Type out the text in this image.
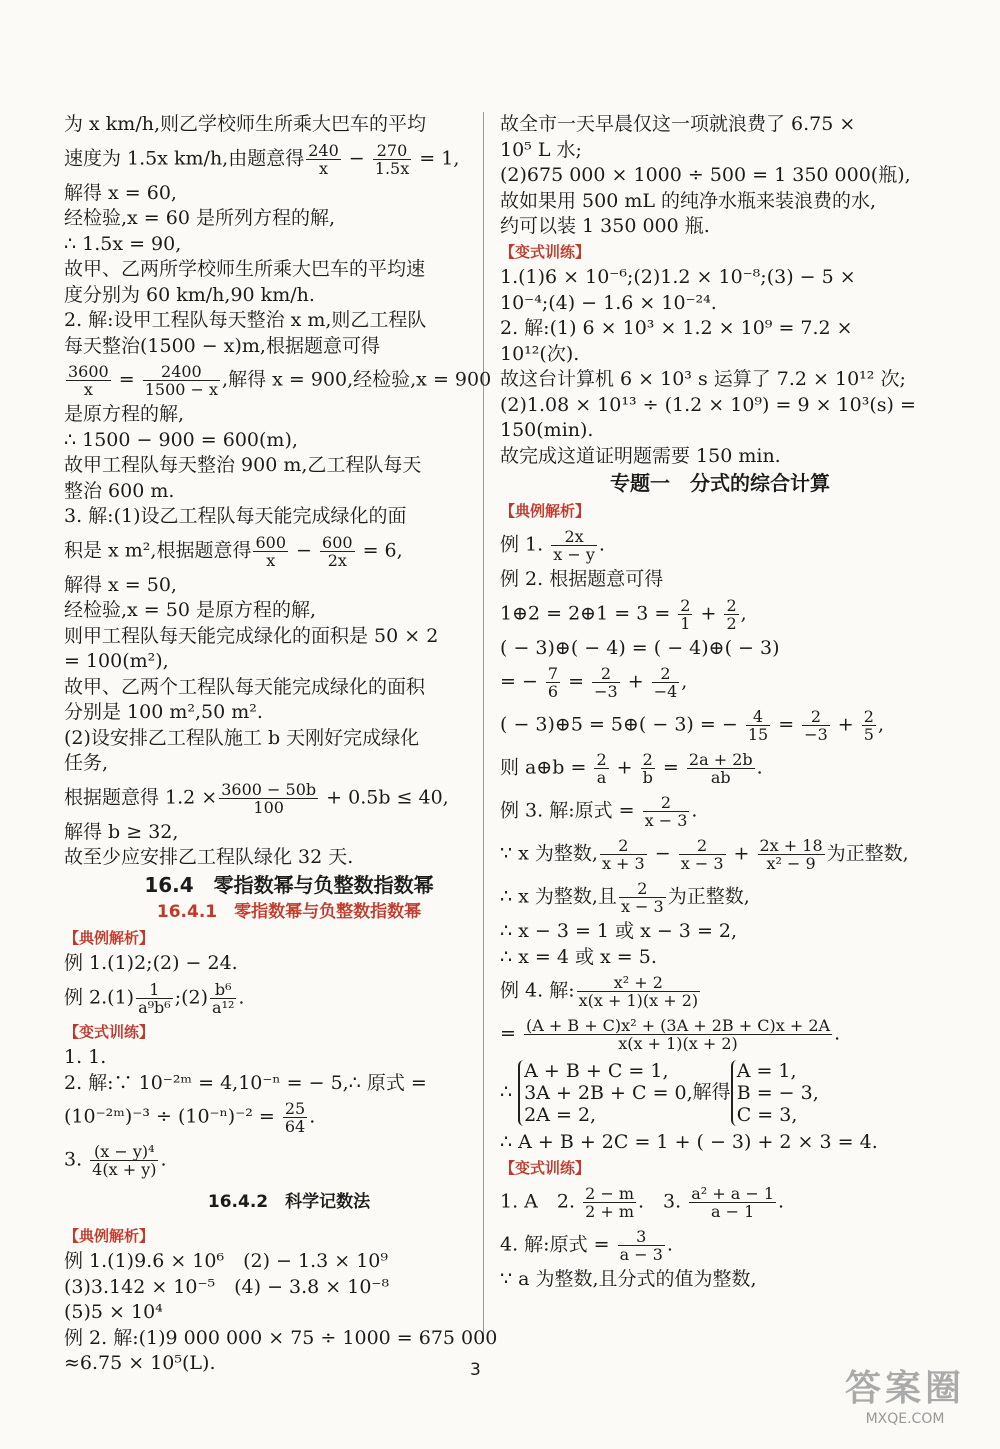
为 x km/h,则乙学校师生所乘大巴车的平均
速度为 1.5x km/h,由题意得 $\frac{240}{x} - \frac{270}{1.5x} = 1$,
解得 x = 60,
经检验,x = 60 是所列方程的解,
∴ 1.5x = 90,
故甲、乙两所学校师生所乘大巴车的平均速
度分别为 60 km/h,90 km/h.
2. 解:设甲工程队每天整治 x m,则乙工程队
每天整治(1500 − x)m,根据题意可得
$\frac{3600}{x} = \frac{2400}{1500 - x}$ ,解得 x = 900,经检验,x = 900
是原方程的解,
∴ 1500 − 900 = 600(m),
故甲工程队每天整治 900 m,乙工程队每天
整治 600 m.
3. 解:(1)设乙工程队每天能完成绿化的面
积是 x m²,根据题意得 $\frac{600}{x} - \frac{600}{2x} = 6$,
解得 x = 50,
经检验,x = 50 是原方程的解,
则甲工程队每天能完成绿化的面积是 50 × 2
= 100(m²),
故甲、乙两个工程队每天能完成绿化的面积
分别是 100 m²,50 m².
(2)设安排乙工程队施工 b 天刚好完成绿化
任务,
根据题意得 $1.2 \times \frac{3600 - 50b}{100} + 0.5b \le 40$,
解得 b ≥ 32,
故至少应安排乙工程队绿化 32 天.
16.4　零指数幂与负整数指数幂
16.4.1　零指数幂与负整数指数幂
【典例解析】
例 1.(1)2;(2) − 24.
例 $2.(1) \frac{1}{\text{a⁹b⁶}}$ ;(2) $\frac{\text{b⁶}}{\text{a¹²}}$ .
【变式训练】
1. 1.
2. 解:∵ 10⁻²ᵐ = 4,10⁻ⁿ = − 5,∴ 原式 =
(10⁻²ᵐ)⁻³ ÷ $(10^{-n})^{-2} = \frac{25}{64}$ .
3. $\frac{\text{(x − y)⁴}}{4(x + y)}$ .
16.4.2　科学记数法
【典例解析】
例 1.(1)9.6 × 10⁶　(2) − 1.3 × 10⁹
(3)3.142 × 10⁻⁵　(4) − 3.8 × 10⁻⁸
(5)5 × 10⁴
例 2. 解:(1)9 000 000 × 75 ÷ 1000 = 675 000
≈6.75 × 10⁵(L).
故全市一天早晨仅这一项就浪费了 6.75 ×
10⁵ L 水;
(2)675 000 × 1000 ÷ 500 = 1 350 000(瓶),
故如果用 500 mL 的纯净水瓶来装浪费的水,
约可以装 1 350 000 瓶.
【变式训练】
1.(1)6 × 10⁻⁶;(2)1.2 × 10⁻⁸;(3) − 5 ×
10⁻⁴;(4) − 1.6 × 10⁻²⁴.
2. 解:(1) 6 × 10³ × 1.2 × 10⁹ = 7.2 ×
10¹²(次).
故这台计算机 6 × 10³ s 运算了 7.2 × 10¹² 次;
(2)1.08 × 10¹³ ÷ (1.2 × 10⁹) = 9 × 10³(s) =
150(min).
故完成这道证明题需要 150 min.
专题一　分式的综合计算
【典例解析】
例 1. $\frac{2x}{x - y}$ .
例 2. 根据题意可得
1⊕2 = 2⊕1 = $3 = \frac{2}{1} + \frac{2}{2}$ ,
( − 3)⊕( − 4) = ( − 4)⊕( − 3)
= − $\frac{7}{6} = \frac{2}{-3} + \frac{2}{-4}$ ,
( − 3)⊕5 = 5⊕( − 3) = − $\frac{4}{15} = \frac{2}{-3} + \frac{2}{5}$ ,
则 a⊕b = $\frac{2}{a} + \frac{2}{b} = \frac{2a + 2b}{ab}$ .
例 3. 解:原式 = $\frac{2}{x - 3}$ .
∵ x 为整数, $\frac{2}{x + 3} - \frac{2}{x - 3} + \frac{2x + 18}{\text{x² − 9}}$ 为正整数,
∴ x 为整数,且 $\frac{2}{x - 3}$ 为正整数,
∴ x − 3 = 1 或 x − 3 = 2,
∴ x = 4 或 x = 5.
例 4. 解: $\frac{\text{x² + 2}}{x(x + 1)(x + 2)}$
= $\frac{\text{(A + B + C)x² + (3A + 2B + C)x + 2A}}{x(x + 1)(x + 2)}$ .
∴ A + B + C = 1,
3A + 2B + C = 0,
2A = 2,解得A = 1,
B = − 3,
C = 3,
∴ A + B + 2C = 1 + ( − 3) + 2 × 3 = 4.
【变式训练】
1. A　2. $\frac{2 - m}{2 + m}$ .　3. $\frac{\text{a² + a − 1}}{a - 1}$ .
4. 解:原式 = $\frac{3}{a - 3}$ .
∵ a 为整数,且分式的值为整数,
3	答案圈
MXQE.COM
